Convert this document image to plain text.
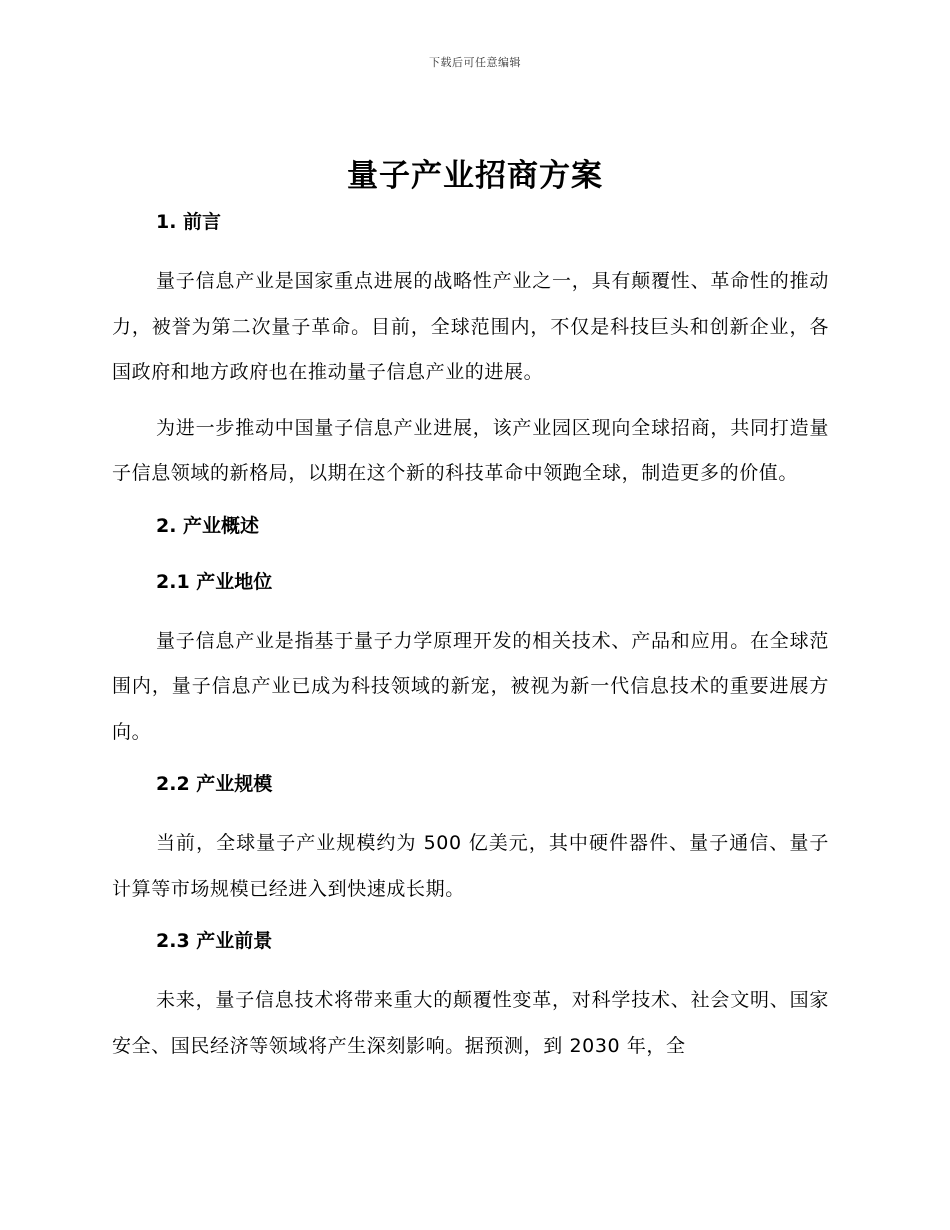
下载后可任意编辑
量子产业招商方案
1. 前言

量子信息产业是国家重点进展的战略性产业之一，具有颠覆性、革命性的推动力，被誉为第二次量子革命。目前，全球范围内，不仅是科技巨头和创新企业，各国政府和地方政府也在推动量子信息产业的进展。

为进一步推动中国量子信息产业进展，该产业园区现向全球招商，共同打造量子信息领域的新格局，以期在这个新的科技革命中领跑全球，制造更多的价值。

2. 产业概述
2.1 产业地位

量子信息产业是指基于量子力学原理开发的相关技术、产品和应用。在全球范围内，量子信息产业已成为科技领域的新宠，被视为新一代信息技术的重要进展方向。

2.2 产业规模

当前，全球量子产业规模约为 500 亿美元，其中硬件器件、量子通信、量子计算等市场规模已经进入到快速成长期。

2.3 产业前景

未来，量子信息技术将带来重大的颠覆性变革，对科学技术、社会文明、国家安全、国民经济等领域将产生深刻影响。据预测，到 2030 年，全
